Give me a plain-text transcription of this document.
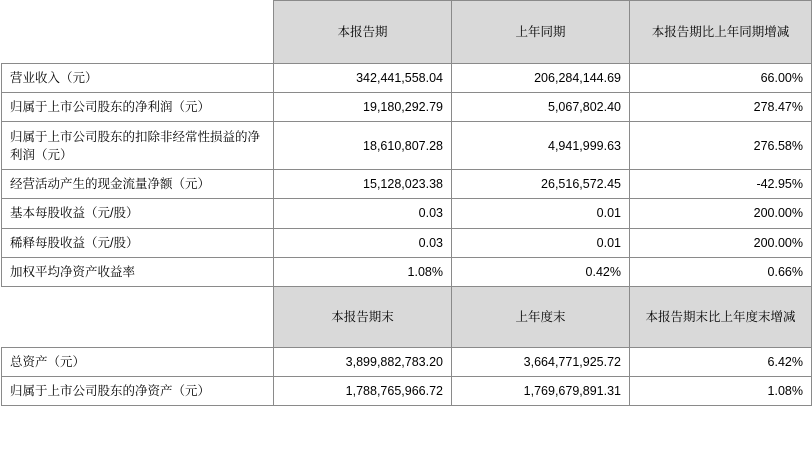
	本报告期	上年同期	本报告期比上年同期增减
营业收入（元）	342,441,558.04	206,284,144.69	66.00%
归属于上市公司股东的净利润（元）	19,180,292.79	5,067,802.40	278.47%
归属于上市公司股东的扣除非经常性损益的净利润（元）	18,610,807.28	4,941,999.63	276.58%
经营活动产生的现金流量净额（元）	15,128,023.38	26,516,572.45	-42.95%
基本每股收益（元/股）	0.03	0.01	200.00%
稀释每股收益（元/股）	0.03	0.01	200.00%
加权平均净资产收益率	1.08%	0.42%	0.66%
	本报告期末	上年度末	本报告期末比上年度末增减
总资产（元）	3,899,882,783.20	3,664,771,925.72	6.42%
归属于上市公司股东的净资产（元）	1,788,765,966.72	1,769,679,891.31	1.08%
